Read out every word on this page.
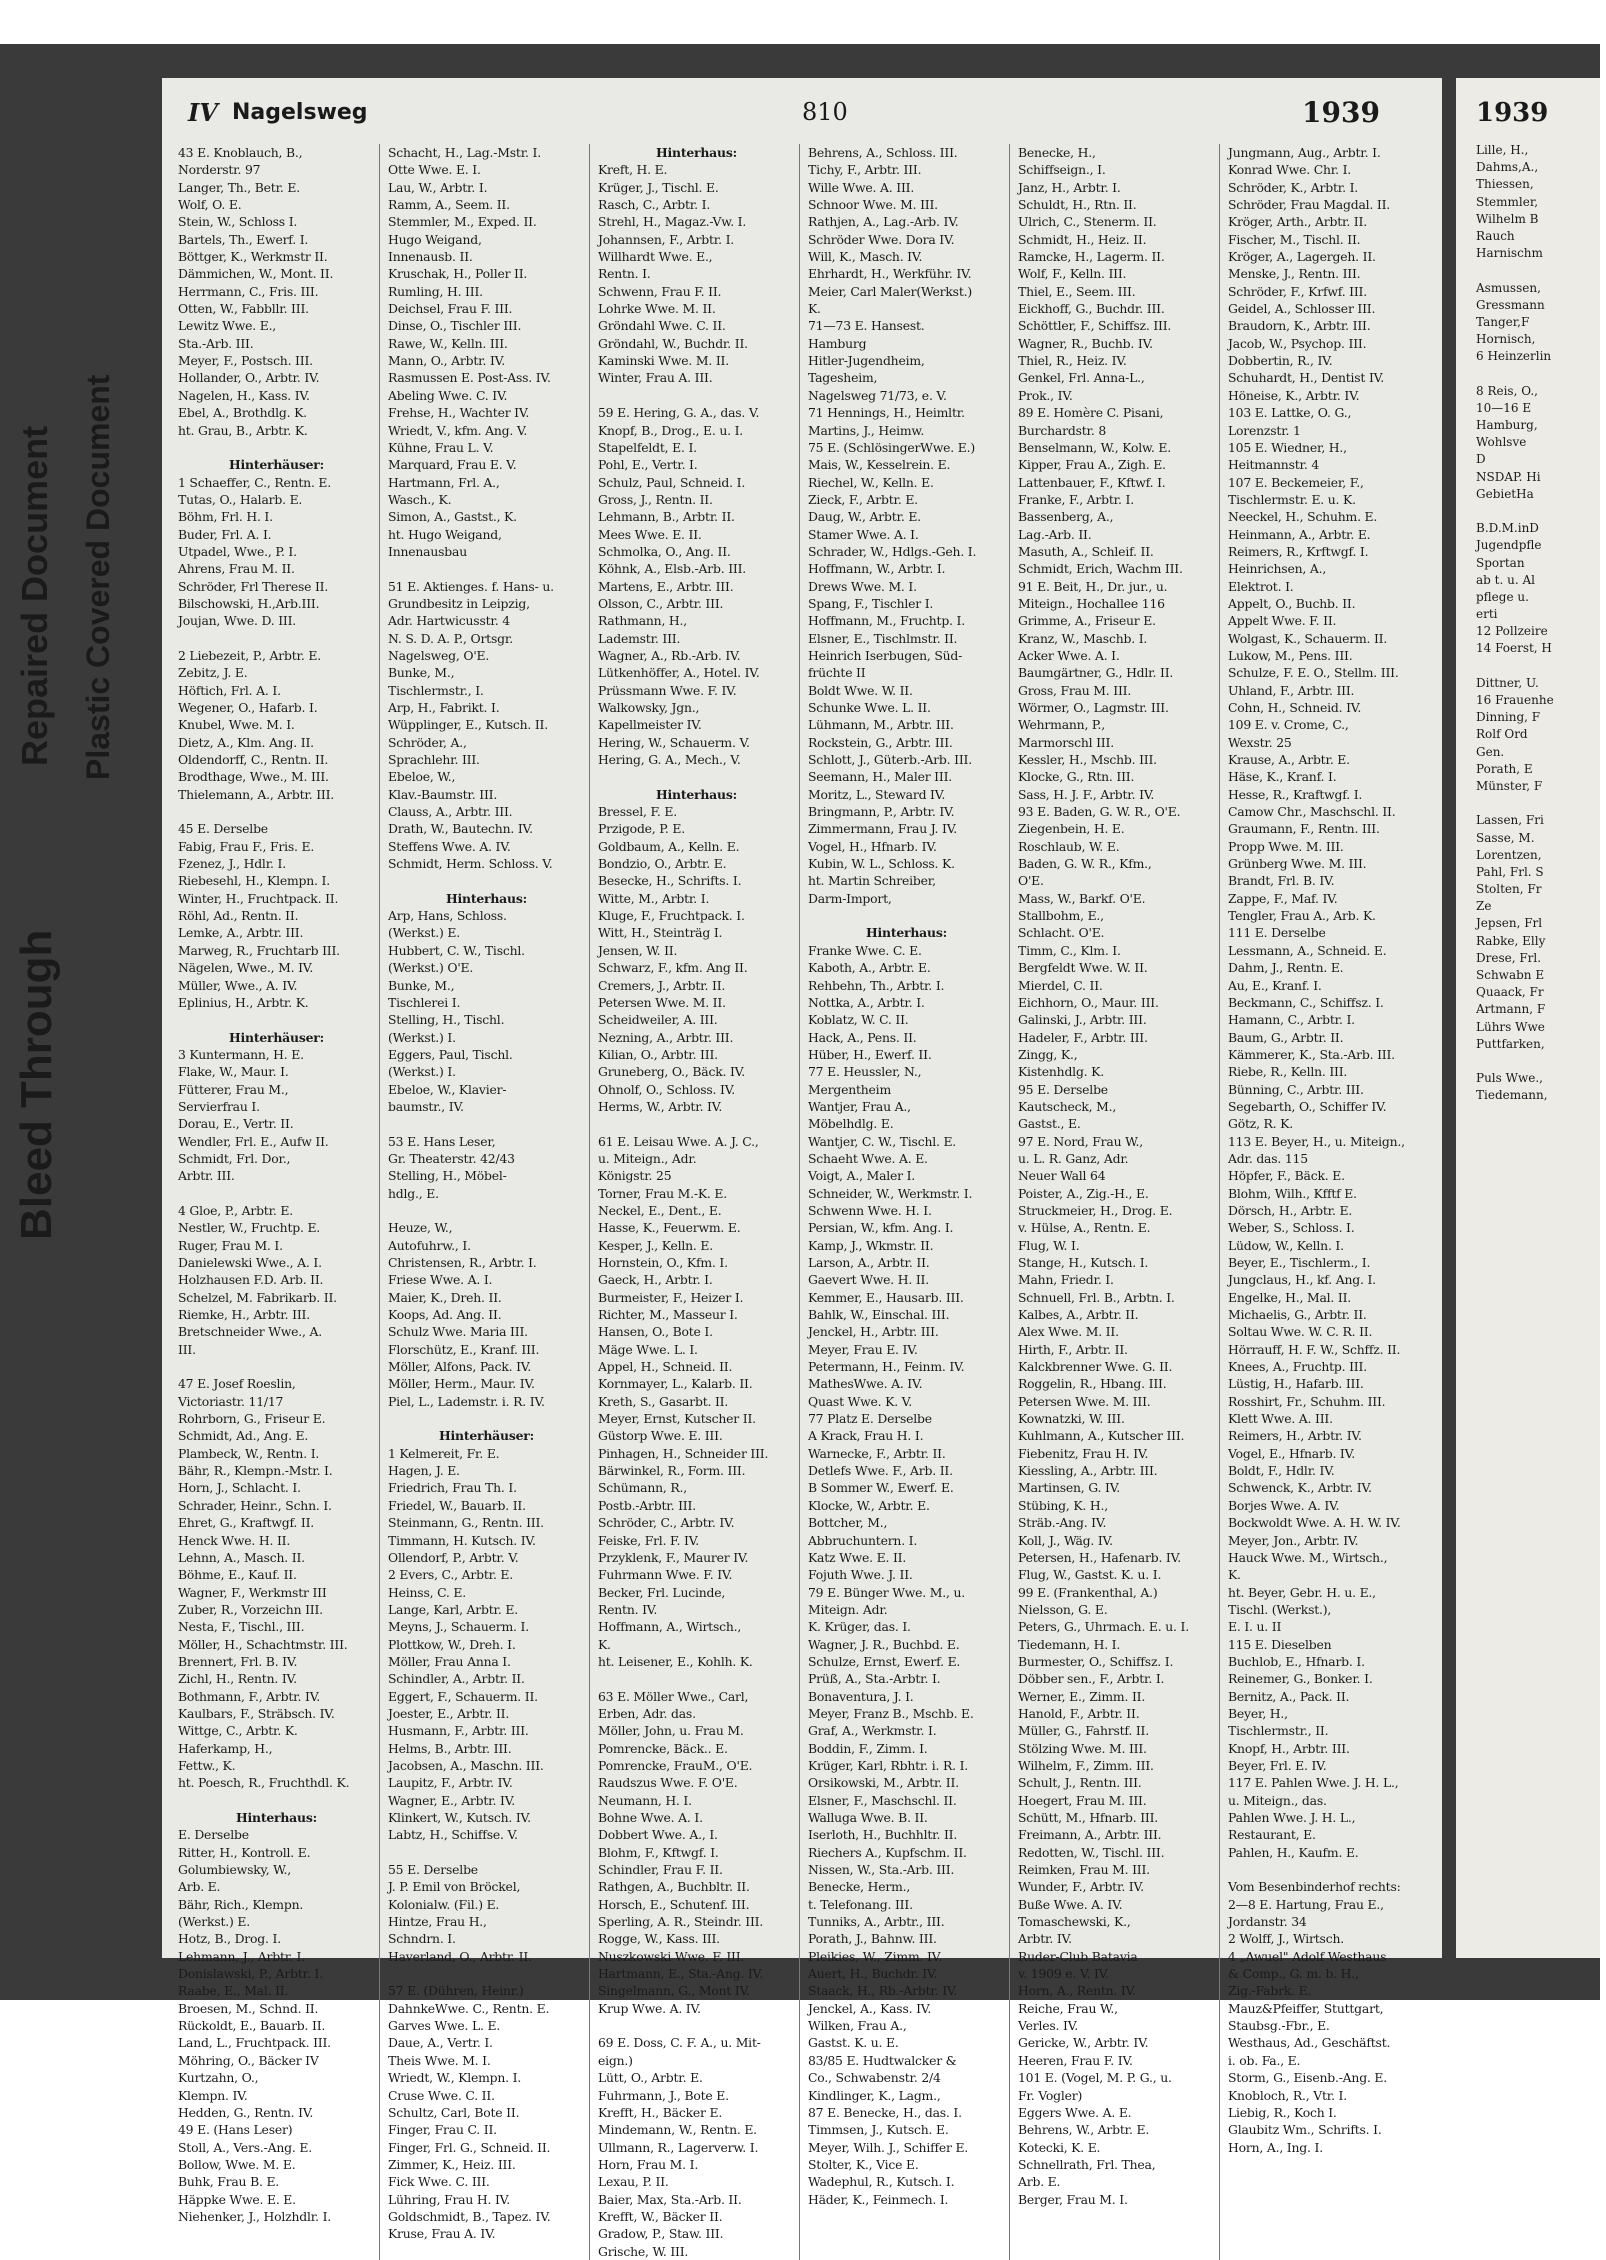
IV Nagelsweg	810	1939
43 E. Knoblauch, B.,
Norderstr. 97
Langer, Th., Betr. E.
Wolf, O. E.
Stein, W., Schloss I.
Bartels, Th., Ewerf. I.
Böttger, K., Werkmstr II.
Dämmichen, W., Mont. II.
Herrmann, C., Fris. III.
Otten, W., Fabbllr. III.
Lewitz Wwe. E.,
Sta.-Arb. III.
Meyer, F., Postsch. III.
Hollander, O., Arbtr. IV.
Nagelen, H., Kass. IV.
Ebel, A., Brothdlg. K.
ht. Grau, B., Arbtr. K.
Hinterhäuser:
1 Schaeffer, C., Rentn. E.
Tutas, O., Halarb. E.
Böhm, Frl. H. I.
Buder, Frl. A. I.
Utpadel, Wwe., P. I.
Ahrens, Frau M. II.
Schröder, Frl Therese II.
Bilschowski, H.,Arb.III.
Joujan, Wwe. D. III.
2 Liebezeit, P., Arbtr. E.
Zebitz, J. E.
Höftich, Frl. A. I.
Wegener, O., Hafarb. I.
Knubel, Wwe. M. I.
Dietz, A., Klm. Ang. II.
Oldendorff, C., Rentn. II.
Brodthage, Wwe., M. III.
Thielemann, A., Arbtr. III.
45 E. Derselbe
Fabig, Frau F., Fris. E.
Fzenez, J., Hdlr. I.
Riebesehl, H., Klempn. I.
Winter, H., Fruchtpack. II.
Röhl, Ad., Rentn. II.
Lemke, A., Arbtr. III.
Marweg, R., Fruchtarb III.
Nägelen, Wwe., M. IV.
Müller, Wwe., A. IV.
Eplinius, H., Arbtr. K.
Hinterhäuser:
3 Kuntermann, H. E.
Flake, W., Maur. I.
Fütterer, Frau M.,
Servierfrau I.
Dorau, E., Vertr. II.
Wendler, Frl. E., Aufw II.
Schmidt, Frl. Dor.,
Arbtr. III.
4 Gloe, P., Arbtr. E.
Nestler, W., Fruchtp. E.
Ruger, Frau M. I.
Danielewski Wwe., A. I.
Holzhausen F.D. Arb. II.
Schelzel, M. Fabrikarb. II.
Riemke, H., Arbtr. III.
Bretschneider Wwe., A.
III.
47 E. Josef Roeslin,
Victoriastr. 11/17
Rohrborn, G., Friseur E.
Schmidt, Ad., Ang. E.
Plambeck, W., Rentn. I.
Bähr, R., Klempn.-Mstr. I.
Horn, J., Schlacht. I.
Schrader, Heinr., Schn. I.
Ehret, G., Kraftwgf. II.
Henck Wwe. H. II.
Lehnn, A., Masch. II.
Böhme, E., Kauf. II.
Wagner, F., Werkmstr III
Zuber, R., Vorzeichn III.
Nesta, F., Tischl., III.
Möller, H., Schachtmstr. III.
Brennert, Frl. B. IV.
Zichl, H., Rentn. IV.
Bothmann, F., Arbtr. IV.
Kaulbars, F., Sträbsch. IV.
Wittge, C., Arbtr. K.
Haferkamp, H.,
Fettw., K.
ht. Poesch, R., Fruchthdl. K.
Hinterhaus:
E. Derselbe
Ritter, H., Kontroll. E.
Golumbiewsky, W.,
Arb. E.
Bähr, Rich., Klempn.
(Werkst.) E.
Hotz, B., Drog. I.
Lehmann, J., Arbtr. I.
Donislawski, P., Arbtr. I.
Raabe, E., Mal. II.
Broesen, M., Schnd. II.
Rückoldt, E., Bauarb. II.
Land, L., Fruchtpack. III.
Möhring, O., Bäcker IV
Kurtzahn, O.,
Klempn. IV.
Hedden, G., Rentn. IV.
49 E. (Hans Leser)
Stoll, A., Vers.-Ang. E.
Bollow, Wwe. M. E.
Buhk, Frau B. E.
Häppke Wwe. E. E.
Niehenker, J., Holzhdlr. I.
Schacht, H., Lag.-Mstr. I.
Otte Wwe. E. I.
Lau, W., Arbtr. I.
Ramm, A., Seem. II.
Stemmler, M., Exped. II.
Hugo Weigand,
Innenausb. II.
Kruschak, H., Poller II.
Rumling, H. III.
Deichsel, Frau F. III.
Dinse, O., Tischler III.
Rawe, W., Kelln. III.
Mann, O., Arbtr. IV.
Rasmussen E. Post-Ass. IV.
Abeling Wwe. C. IV.
Frehse, H., Wachter IV.
Wriedt, V., kfm. Ang. V.
Kühne, Frau L. V.
Marquard, Frau E. V.
Hartmann, Frl. A.,
Wasch., K.
Simon, A., Gastst., K.
ht. Hugo Weigand,
Innenausbau
51 E. Aktienges. f. Hans- u.
Grundbesitz in Leipzig,
Adr. Hartwicusstr. 4
N. S. D. A. P., Ortsgr.
Nagelsweg, O'E.
Bunke, M.,
Tischlermstr., I.
Arp, H., Fabrikt. I.
Wüpplinger, E., Kutsch. II.
Schröder, A.,
Sprachlehr. III.
Ebeloe, W.,
Klav.-Baumstr. III.
Clauss, A., Arbtr. III.
Drath, W., Bautechn. IV.
Steffens Wwe. A. IV.
Schmidt, Herm. Schloss. V.
Hinterhaus:
Arp, Hans, Schloss.
(Werkst.) E.
Hubbert, C. W., Tischl.
(Werkst.) O'E.
Bunke, M.,
Tischlerei I.
Stelling, H., Tischl.
(Werkst.) I.
Eggers, Paul, Tischl.
(Werkst.) I.
Ebeloe, W., Klavier-
baumstr., IV.
53 E. Hans Leser,
Gr. Theaterstr. 42/43
Stelling, H., Möbel-
hdlg., E.
Heuze, W.,
Autofuhrw., I.
Christensen, R., Arbtr. I.
Friese Wwe. A. I.
Maier, K., Dreh. II.
Koops, Ad. Ang. II.
Schulz Wwe. Maria III.
Florschütz, E., Kranf. III.
Möller, Alfons, Pack. IV.
Möller, Herm., Maur. IV.
Piel, L., Lademstr. i. R. IV.
Hinterhäuser:
1 Kelmereit, Fr. E.
Hagen, J. E.
Friedrich, Frau Th. I.
Friedel, W., Bauarb. II.
Steinmann, G., Rentn. III.
Timmann, H. Kutsch. IV.
Ollendorf, P., Arbtr. V.
2 Evers, C., Arbtr. E.
Heinss, C. E.
Lange, Karl, Arbtr. E.
Meyns, J., Schauerm. I.
Plottkow, W., Dreh. I.
Möller, Frau Anna I.
Schindler, A., Arbtr. II.
Eggert, F., Schauerm. II.
Joester, E., Arbtr. II.
Husmann, F., Arbtr. III.
Helms, B., Arbtr. III.
Jacobsen, A., Maschn. III.
Laupitz, F., Arbtr. IV.
Wagner, E., Arbtr. IV.
Klinkert, W., Kutsch. IV.
Labtz, H., Schiffse. V.
55 E. Derselbe
J. P. Emil von Bröckel,
Kolonialw. (Fil.) E.
Hintze, Frau H.,
Schndrn. I.
Haverland, O., Arbtr. II.
57 E. (Dühren, Heinr.)
DahnkeWwe. C., Rentn. E.
Garves Wwe. L. E.
Daue, A., Vertr. I.
Theis Wwe. M. I.
Wriedt, W., Klempn. I.
Cruse Wwe. C. II.
Schultz, Carl, Bote II.
Finger, Frau C. II.
Finger, Frl. G., Schneid. II.
Zimmer, K., Heiz. III.
Fick Wwe. C. III.
Lühring, Frau H. IV.
Goldschmidt, B., Tapez. IV.
Kruse, Frau A. IV.
Hinterhaus:
Kreft, H. E.
Krüger, J., Tischl. E.
Rasch, C., Arbtr. I.
Strehl, H., Magaz.-Vw. I.
Johannsen, F., Arbtr. I.
Willhardt Wwe. E.,
Rentn. I.
Schwenn, Frau F. II.
Lohrke Wwe. M. II.
Gröndahl Wwe. C. II.
Gröndahl, W., Buchdr. II.
Kaminski Wwe. M. II.
Winter, Frau A. III.
59 E. Hering, G. A., das. V.
Knopf, B., Drog., E. u. I.
Stapelfeldt, E. I.
Pohl, E., Vertr. I.
Schulz, Paul, Schneid. I.
Gross, J., Rentn. II.
Lehmann, B., Arbtr. II.
Mees Wwe. E. II.
Schmolka, O., Ang. II.
Köhnk, A., Elsb.-Arb. III.
Martens, E., Arbtr. III.
Olsson, C., Arbtr. III.
Rathmann, H.,
Lademstr. III.
Wagner, A., Rb.-Arb. IV.
Lütkenhöffer, A., Hotel. IV.
Prüssmann Wwe. F. IV.
Walkowsky, Jgn.,
Kapellmeister IV.
Hering, W., Schauerm. V.
Hering, G. A., Mech., V.
Hinterhaus:
Bressel, F. E.
Przigode, P. E.
Goldbaum, A., Kelln. E.
Bondzio, O., Arbtr. E.
Besecke, H., Schrifts. I.
Witte, M., Arbtr. I.
Kluge, F., Fruchtpack. I.
Witt, H., Steinträg I.
Jensen, W. II.
Schwarz, F., kfm. Ang II.
Cremers, J., Arbtr. II.
Petersen Wwe. M. II.
Scheidweiler, A. III.
Nezning, A., Arbtr. III.
Kilian, O., Arbtr. III.
Gruneberg, O., Bäck. IV.
Ohnolf, O., Schloss. IV.
Herms, W., Arbtr. IV.
61 E. Leisau Wwe. A. J. C.,
u. Miteign., Adr.
Königstr. 25
Torner, Frau M.-K. E.
Neckel, E., Dent., E.
Hasse, K., Feuerwm. E.
Kesper, J., Kelln. E.
Hornstein, O., Kfm. I.
Gaeck, H., Arbtr. I.
Burmeister, F., Heizer I.
Richter, M., Masseur I.
Hansen, O., Bote I.
Mäge Wwe. L. I.
Appel, H., Schneid. II.
Kornmayer, L., Kalarb. II.
Kreth, S., Gasarbt. II.
Meyer, Ernst, Kutscher II.
Güstorp Wwe. E. III.
Pinhagen, H., Schneider III.
Bärwinkel, R., Form. III.
Schümann, R.,
Postb.-Arbtr. III.
Schröder, C., Arbtr. IV.
Feiske, Frl. F. IV.
Przyklenk, F., Maurer IV.
Fuhrmann Wwe. F. IV.
Becker, Frl. Lucinde,
Rentn. IV.
Hoffmann, A., Wirtsch.,
K.
ht. Leisener, E., Kohlh. K.
63 E. Möller Wwe., Carl,
Erben, Adr. das.
Möller, John, u. Frau M.
Pomrencke, Bäck.. E.
Pomrencke, FrauM., O'E.
Raudszus Wwe. F. O'E.
Neumann, H. I.
Bohne Wwe. A. I.
Dobbert Wwe. A., I.
Blohm, F., Kftwgf. I.
Schindler, Frau F. II.
Rathgen, A., Buchbltr. II.
Horsch, E., Schutenf. III.
Sperling, A. R., Steindr. III.
Rogge, W., Kass. III.
Nuszkowski Wwe. F. III.
Hartmann, E., Sta.-Ang. IV.
Singelmann, G., Mont IV.
Krup Wwe. A. IV.
69 E. Doss, C. F. A., u. Mit-
eign.)
Lütt, O., Arbtr. E.
Fuhrmann, J., Bote E.
Krefft, H., Bäcker E.
Mindemann, W., Rentn. E.
Ullmann, R., Lagerverw. I.
Horn, Frau M. I.
Lexau, P. II.
Baier, Max, Sta.-Arb. II.
Krefft, W., Bäcker II.
Gradow, P., Staw. III.
Grische, W. III.
Behrens, A., Schloss. III.
Tichy, F., Arbtr. III.
Wille Wwe. A. III.
Schnoor Wwe. M. III.
Rathjen, A., Lag.-Arb. IV.
Schröder Wwe. Dora IV.
Will, K., Masch. IV.
Ehrhardt, H., Werkführ. IV.
Meier, Carl Maler(Werkst.)
K.
71—73 E. Hansest.
Hamburg
Hitler-Jugendheim,
Tagesheim,
Nagelsweg 71/73, e. V.
71 Hennings, H., Heimltr.
Martins, J., Heimw.
75 E. (SchlösingerWwe. E.)
Mais, W., Kesselrein. E.
Riechel, W., Kelln. E.
Zieck, F., Arbtr. E.
Daug, W., Arbtr. E.
Stamer Wwe. A. I.
Schrader, W., Hdlgs.-Geh. I.
Hoffmann, W., Arbtr. I.
Drews Wwe. M. I.
Spang, F., Tischler I.
Hoffmann, M., Fruchtp. I.
Elsner, E., Tischlmstr. II.
Heinrich Iserbugen, Süd-
früchte II
Boldt Wwe. W. II.
Schunke Wwe. L. II.
Lühmann, M., Arbtr. III.
Rockstein, G., Arbtr. III.
Schlott, J., Güterb.-Arb. III.
Seemann, H., Maler III.
Moritz, L., Steward IV.
Bringmann, P., Arbtr. IV.
Zimmermann, Frau J. IV.
Vogel, H., Hfnarb. IV.
Kubin, W. L., Schloss. K.
ht. Martin Schreiber,
Darm-Import,
Hinterhaus:
Franke Wwe. C. E.
Kaboth, A., Arbtr. E.
Rehbehn, Th., Arbtr. I.
Nottka, A., Arbtr. I.
Koblatz, W. C. II.
Hack, A., Pens. II.
Hüber, H., Ewerf. II.
77 E. Heussler, N.,
Mergentheim
Wantjer, Frau A.,
Möbelhdlg. E.
Wantjer, C. W., Tischl. E.
Schaeht Wwe. A. E.
Voigt, A., Maler I.
Schneider, W., Werkmstr. I.
Schwenn Wwe. H. I.
Persian, W., kfm. Ang. I.
Kamp, J., Wkmstr. II.
Larson, A., Arbtr. II.
Gaevert Wwe. H. II.
Kemmer, E., Hausarb. III.
Bahlk, W., Einschal. III.
Jenckel, H., Arbtr. III.
Meyer, Frau E. IV.
Petermann, H., Feinm. IV.
MathesWwe. A. IV.
Quast Wwe. K. V.
77 Platz E. Derselbe
A Krack, Frau H. I.
Warnecke, F., Arbtr. II.
Detlefs Wwe. F., Arb. II.
B Sommer W., Ewerf. E.
Klocke, W., Arbtr. E.
Bottcher, M.,
Abbruchuntern. I.
Katz Wwe. E. II.
Fojuth Wwe. J. II.
79 E. Bünger Wwe. M., u.
Miteign. Adr.
K. Krüger, das. I.
Wagner, J. R., Buchbd. E.
Schulze, Ernst, Ewerf. E.
Prüß, A., Sta.-Arbtr. I.
Bonaventura, J. I.
Meyer, Franz B., Mschb. E.
Graf, A., Werkmstr. I.
Boddin, F., Zimm. I.
Krüger, Karl, Rbhtr. i. R. I.
Orsikowski, M., Arbtr. II.
Elsner, F., Maschschl. II.
Walluga Wwe. B. II.
Iserloth, H., Buchhltr. II.
Riechers A., Kupfschm. II.
Nissen, W., Sta.-Arb. III.
Benecke, Herm.,
t. Telefonang. III.
Tunniks, A., Arbtr., III.
Porath, J., Bahnw. III.
Pleikies, W., Zimm. IV.
Auert, H., Buchdr. IV.
Staack, H., Rb.-Arbtr. IV.
Jenckel, A., Kass. IV.
Wilken, Frau A.,
Gastst. K. u. E.
83/85 E. Hudtwalcker &
Co., Schwabenstr. 2/4
Kindlinger, K., Lagm.,
87 E. Benecke, H., das. I.
Timmsen, J., Kutsch. E.
Meyer, Wilh. J., Schiffer E.
Stolter, K., Vice E.
Wadephul, R., Kutsch. I.
Häder, K., Feinmech. I.
Benecke, H.,
Schiffseign., I.
Janz, H., Arbtr. I.
Schuldt, H., Rtn. II.
Ulrich, C., Stenerm. II.
Schmidt, H., Heiz. II.
Ramcke, H., Lagerm. II.
Wolf, F., Kelln. III.
Thiel, E., Seem. III.
Eickhoff, G., Buchdr. III.
Schöttler, F., Schiffsz. III.
Wagner, R., Buchb. IV.
Thiel, R., Heiz. IV.
Genkel, Frl. Anna-L.,
Prok., IV.
89 E. Homère C. Pisani,
Burchardstr. 8
Benselmann, W., Kolw. E.
Kipper, Frau A., Zigh. E.
Lattenbauer, F., Kftwf. I.
Franke, F., Arbtr. I.
Bassenberg, A.,
Lag.-Arb. II.
Masuth, A., Schleif. II.
Schmidt, Erich, Wachm III.
91 E. Beit, H., Dr. jur., u.
Miteign., Hochallee 116
Grimme, A., Friseur E.
Kranz, W., Maschb. I.
Acker Wwe. A. I.
Baumgärtner, G., Hdlr. II.
Gross, Frau M. III.
Wörmer, O., Lagmstr. III.
Wehrmann, P.,
Marmorschl III.
Kessler, H., Mschb. III.
Klocke, G., Rtn. III.
Sass, H. J. F., Arbtr. IV.
93 E. Baden, G. W. R., O'E.
Ziegenbein, H. E.
Roschlaub, W. E.
Baden, G. W. R., Kfm.,
O'E.
Mass, W., Barkf. O'E.
Stallbohm, E.,
Schlacht. O'E.
Timm, C., Klm. I.
Bergfeldt Wwe. W. II.
Mierdel, C. II.
Eichhorn, O., Maur. III.
Galinski, J., Arbtr. III.
Hadeler, F., Arbtr. III.
Zingg, K.,
Kistenhdlg. K.
95 E. Derselbe
Kautscheck, M.,
Gastst., E.
97 E. Nord, Frau W.,
u. L. R. Ganz, Adr.
Neuer Wall 64
Poister, A., Zig.-H., E.
Struckmeier, H., Drog. E.
v. Hülse, A., Rentn. E.
Flug, W. I.
Stange, H., Kutsch. I.
Mahn, Friedr. I.
Schnuell, Frl. B., Arbtn. I.
Kalbes, A., Arbtr. II.
Alex Wwe. M. II.
Hirth, F., Arbtr. II.
Kalckbrenner Wwe. G. II.
Roggelin, R., Hbang. III.
Petersen Wwe. M. III.
Kownatzki, W. III.
Kuhlmann, A., Kutscher III.
Fiebenitz, Frau H. IV.
Kiessling, A., Arbtr. III.
Martinsen, G. IV.
Stübing, K. H.,
Sträb.-Ang. IV.
Koll, J., Wäg. IV.
Petersen, H., Hafenarb. IV.
Flug, W., Gastst. K. u. I.
99 E. (Frankenthal, A.)
Nielsson, G. E.
Peters, G., Uhrmach. E. u. I.
Tiedemann, H. I.
Burmester, O., Schiffsz. I.
Döbber sen., F., Arbtr. I.
Werner, E., Zimm. II.
Hanold, F., Arbtr. II.
Müller, G., Fahrstf. II.
Stölzing Wwe. M. III.
Wilhelm, F., Zimm. III.
Schult, J., Rentn. III.
Hoegert, Frau M. III.
Schütt, M., Hfnarb. III.
Freimann, A., Arbtr. III.
Redotten, W., Tischl. III.
Reimken, Frau M. III.
Wunder, F., Arbtr. IV.
Buße Wwe. A. IV.
Tomaschewski, K.,
Arbtr. IV.
Ruder-Club Batavia
v. 1909 e. V. IV.
Horn, A., Rentn. IV.
Reiche, Frau W.,
Verles. IV.
Gericke, W., Arbtr. IV.
Heeren, Frau F. IV.
101 E. (Vogel, M. P. G., u.
Fr. Vogler)
Eggers Wwe. A. E.
Behrens, W., Arbtr. E.
Kotecki, K. E.
Schnellrath, Frl. Thea,
Arb. E.
Berger, Frau M. I.
Jungmann, Aug., Arbtr. I.
Konrad Wwe. Chr. I.
Schröder, K., Arbtr. I.
Schröder, Frau Magdal. II.
Kröger, Arth., Arbtr. II.
Fischer, M., Tischl. II.
Kröger, A., Lagergeh. II.
Menske, J., Rentn. III.
Schröder, F., Krfwf. III.
Geidel, A., Schlosser III.
Braudorn, K., Arbtr. III.
Jacob, W., Psychop. III.
Dobbertin, R., IV.
Schuhardt, H., Dentist IV.
Höneise, K., Arbtr. IV.
103 E. Lattke, O. G.,
Lorenzstr. 1
105 E. Wiedner, H.,
Heitmannstr. 4
107 E. Beckemeier, F.,
Tischlermstr. E. u. K.
Neeckel, H., Schuhm. E.
Heinmann, A., Arbtr. E.
Reimers, R., Krftwgf. I.
Heinrichsen, A.,
Elektrot. I.
Appelt, O., Buchb. II.
Appelt Wwe. F. II.
Wolgast, K., Schauerm. II.
Lukow, M., Pens. III.
Schulze, F. E. O., Stellm. III.
Uhland, F., Arbtr. III.
Cohn, H., Schneid. IV.
109 E. v. Crome, C.,
Wexstr. 25
Krause, A., Arbtr. E.
Häse, K., Kranf. I.
Hesse, R., Kraftwgf. I.
Camow Chr., Maschschl. II.
Graumann, F., Rentn. III.
Propp Wwe. M. III.
Grünberg Wwe. M. III.
Brandt, Frl. B. IV.
Zappe, F., Maf. IV.
Tengler, Frau A., Arb. K.
111 E. Derselbe
Lessmann, A., Schneid. E.
Dahm, J., Rentn. E.
Au, E., Kranf. I.
Beckmann, C., Schiffsz. I.
Hamann, C., Arbtr. I.
Baum, G., Arbtr. II.
Kämmerer, K., Sta.-Arb. III.
Riebe, R., Kelln. III.
Bünning, C., Arbtr. III.
Segebarth, O., Schiffer IV.
Götz, R. K.
113 E. Beyer, H., u. Miteign.,
Adr. das. 115
Höpfer, F., Bäck. E.
Blohm, Wilh., Kfftf E.
Dörsch, H., Arbtr. E.
Weber, S., Schloss. I.
Lüdow, W., Kelln. I.
Beyer, E., Tischlerm., I.
Jungclaus, H., kf. Ang. I.
Engelke, H., Mal. II.
Michaelis, G., Arbtr. II.
Soltau Wwe. W. C. R. II.
Hörrauff, H. F. W., Schffz. II.
Knees, A., Fruchtp. III.
Lüstig, H., Hafarb. III.
Rosshirt, Fr., Schuhm. III.
Klett Wwe. A. III.
Reimers, H., Arbtr. IV.
Vogel, E., Hfnarb. IV.
Boldt, F., Hdlr. IV.
Schwenck, K., Arbtr. IV.
Borjes Wwe. A. IV.
Bockwoldt Wwe. A. H. W. IV.
Meyer, Jon., Arbtr. IV.
Hauck Wwe. M., Wirtsch.,
K.
ht. Beyer, Gebr. H. u. E.,
Tischl. (Werkst.),
E. I. u. II
115 E. Dieselben
Buchlob, E., Hfnarb. I.
Reinemer, G., Bonker. I.
Bernitz, A., Pack. II.
Beyer, H.,
Tischlermstr., II.
Knopf, H., Arbtr. III.
Beyer, Frl. E. IV.
117 E. Pahlen Wwe. J. H. L.,
u. Miteign., das.
Pahlen Wwe. J. H. L.,
Restaurant, E.
Pahlen, H., Kaufm. E.
Vom Besenbinderhof rechts:
2—8 E. Hartung, Frau E.,
Jordanstr. 34
2 Wolff, J., Wirtsch.
4 „Awuel" Adolf Westhaus
& Comp., G. m. b. H.,
Zig.-Fabrk. E.
Mauz&Pfeiffer, Stuttgart,
Staubsg.-Fbr., E.
Westhaus, Ad., Geschäftst.
i. ob. Fa., E.
Storm, G., Eisenb.-Ang. E.
Knobloch, R., Vtr. I.
Liebig, R., Koch I.
Glaubitz Wm., Schrifts. I.
Horn, A., Ing. I.
1939
Lille, H.,
Dahms,A.,
Thiessen,
Stemmler,
Wilhelm B
Rauch
Harnischm
Asmussen,
Gressmann
Tanger,F
Hornisch,
6 Heinzerlin
8 Reis, O.,
10—16 E
Hamburg,
Wohlsve
D
NSDAP. Hi
GebietHa
B.D.M.inD
Jugendpfle
Sportan
ab t. u. Al
pflege u.
erti
12 Pollzeire
14 Foerst, H
Dittner, U.
16 Frauenhe
Dinning, F
Rolf Ord
Gen.
Porath, E
Münster, F
Lassen, Fri
Sasse, M.
Lorentzen,
Pahl, Frl. S
Stolten, Fr
Ze
Jepsen, Frl
Rabke, Elly
Drese, Frl.
Schwabn E
Quaack, Fr
Artmann, F
Lührs Wwe
Puttfarken,
Puls Wwe.,
Tiedemann,
Bleed Through
Repaired Document Plastic Covered Document
